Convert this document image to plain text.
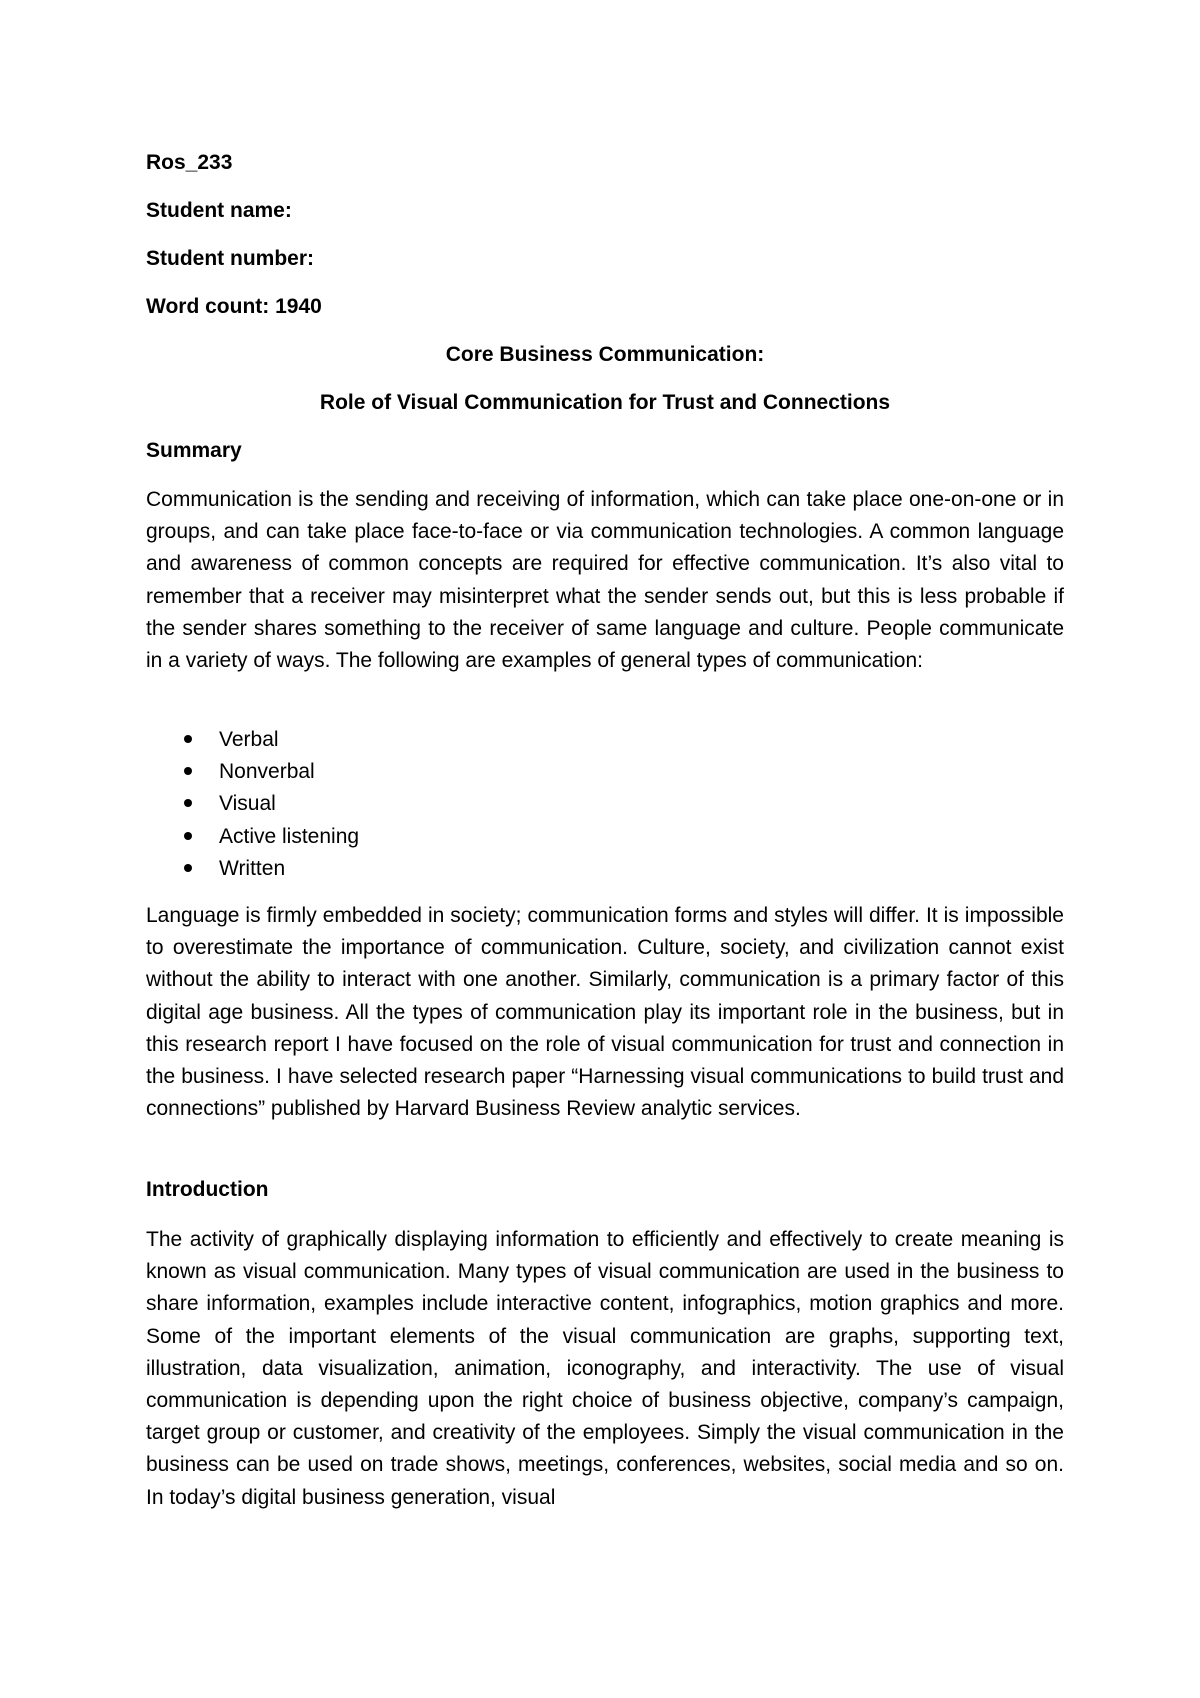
Ros_233
Student name:
Student number:
Word count: 1940
Core Business Communication:
Role of Visual Communication for Trust and Connections
Summary
Communication is the sending and receiving of information, which can take place one-on-one or in groups, and can take place face-to-face or via communication technologies. A common language and awareness of common concepts are required for effective communication. It’s also vital to remember that a receiver may misinterpret what the sender sends out, but this is less probable if the sender shares something to the receiver of same language and culture. People communicate in a variety of ways. The following are examples of general types of communication:
Verbal
Nonverbal
Visual
Active listening
Written
Language is firmly embedded in society; communication forms and styles will differ. It is impossible to overestimate the importance of communication. Culture, society, and civilization cannot exist without the ability to interact with one another. Similarly, communication is a primary factor of this digital age business. All the types of communication play its important role in the business, but in this research report I have focused on the role of visual communication for trust and connection in the business. I have selected research paper “Harnessing visual communications to build trust and connections” published by Harvard Business Review analytic services.
Introduction
The activity of graphically displaying information to efficiently and effectively to create meaning is known as visual communication. Many types of visual communication are used in the business to share information, examples include interactive content, infographics, motion graphics and more. Some of the important elements of the visual communication are graphs, supporting text, illustration, data visualization, animation, iconography, and interactivity. The use of visual communication is depending upon the right choice of business objective, company’s campaign, target group or customer, and creativity of the employees. Simply the visual communication in the business can be used on trade shows, meetings, conferences, websites, social media and so on. In today’s digital business generation, visual
